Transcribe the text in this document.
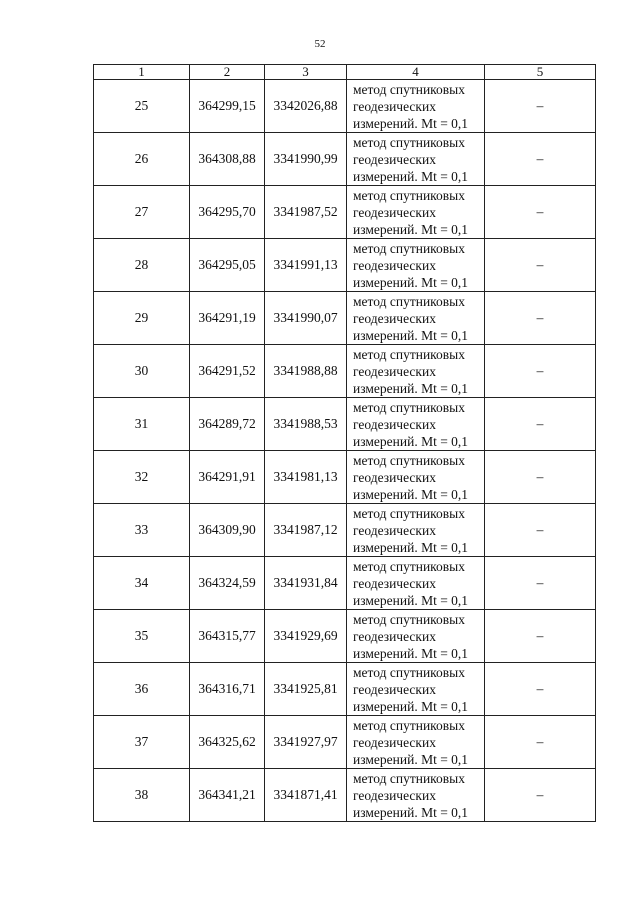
52
1	2	3	4	5
25	364299,15	3342026,88	метод спутниковых
геодезических
измерений. Mt = 0,1	–
26	364308,88	3341990,99	метод спутниковых
геодезических
измерений. Mt = 0,1	–
27	364295,70	3341987,52	метод спутниковых
геодезических
измерений. Mt = 0,1	–
28	364295,05	3341991,13	метод спутниковых
геодезических
измерений. Mt = 0,1	–
29	364291,19	3341990,07	метод спутниковых
геодезических
измерений. Mt = 0,1	–
30	364291,52	3341988,88	метод спутниковых
геодезических
измерений. Mt = 0,1	–
31	364289,72	3341988,53	метод спутниковых
геодезических
измерений. Mt = 0,1	–
32	364291,91	3341981,13	метод спутниковых
геодезических
измерений. Mt = 0,1	–
33	364309,90	3341987,12	метод спутниковых
геодезических
измерений. Mt = 0,1	–
34	364324,59	3341931,84	метод спутниковых
геодезических
измерений. Mt = 0,1	–
35	364315,77	3341929,69	метод спутниковых
геодезических
измерений. Mt = 0,1	–
36	364316,71	3341925,81	метод спутниковых
геодезических
измерений. Mt = 0,1	–
37	364325,62	3341927,97	метод спутниковых
геодезических
измерений. Mt = 0,1	–
38	364341,21	3341871,41	метод спутниковых
геодезических
измерений. Mt = 0,1	–
